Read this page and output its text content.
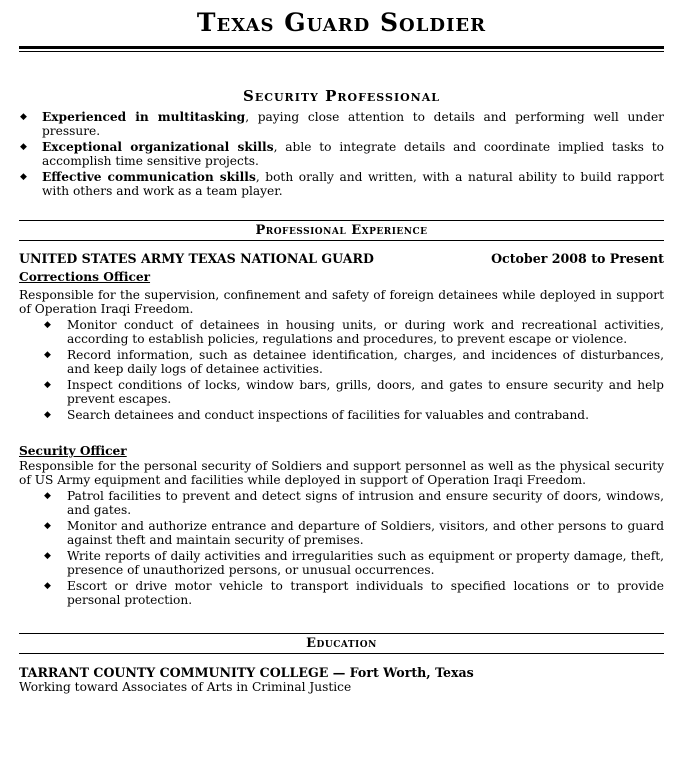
Texas Guard Soldier
Security Professional
◆ Experienced in multitasking, paying close attention to details and performing well under pressure.
◆ Exceptional organizational skills, able to integrate details and coordinate implied tasks to accomplish time sensitive projects.
◆ Effective communication skills, both orally and written, with a natural ability to build rapport with others and work as a team player.
Professional Experience
UNITED STATES ARMY TEXAS NATIONAL GUARD	October 2008 to Present
Corrections Officer
Responsible for the supervision, confinement and safety of foreign detainees while deployed in support of Operation Iraqi Freedom.
◆ Monitor conduct of detainees in housing units, or during work and recreational activities, according to establish policies, regulations and procedures, to prevent escape or violence.
◆ Record information, such as detainee identification, charges, and incidences of disturbances, and keep daily logs of detainee activities.
◆ Inspect conditions of locks, window bars, grills, doors, and gates to ensure security and help prevent escapes.
◆ Search detainees and conduct inspections of facilities for valuables and contraband.
Security Officer
Responsible for the personal security of Soldiers and support personnel as well as the physical security of US Army equipment and facilities while deployed in support of Operation Iraqi Freedom.
◆ Patrol facilities to prevent and detect signs of intrusion and ensure security of doors, windows, and gates.
◆ Monitor and authorize entrance and departure of Soldiers, visitors, and other persons to guard against theft and maintain security of premises.
◆ Write reports of daily activities and irregularities such as equipment or property damage, theft, presence of unauthorized persons, or unusual occurrences.
◆ Escort or drive motor vehicle to transport individuals to specified locations or to provide personal protection.
Education
TARRANT COUNTY COMMUNITY COLLEGE — Fort Worth, Texas
Working toward Associates of Arts in Criminal Justice
